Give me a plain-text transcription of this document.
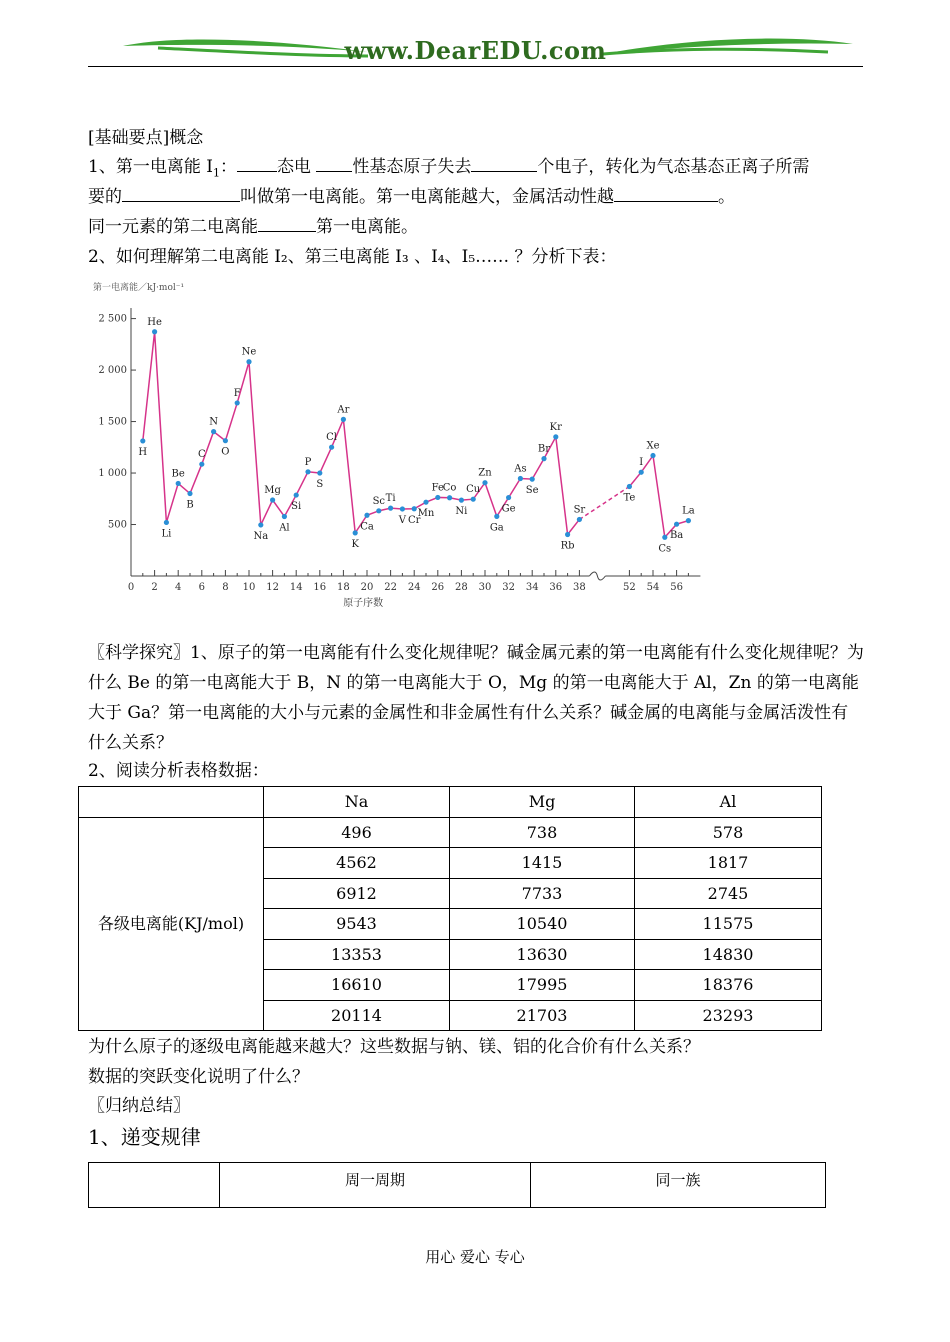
www.DearEDU.com
[基础要点]概念
1、第一电离能 $I_1$： 态电 性基态原子失去	个电子，转化为气态基态正离子所需
要的	叫做第一电离能。第一电离能越大，金属活动性越	。
同一元素的第二电离能	第一电离能。
2、如何理解第二电离能 I₂、第三电离能 I₃ 、I₄、I₅…… ？分析下表：
第一电离能／kJ·mol⁻¹
500
1 000
1 500
2 000
2 500
0 2 4 6 8 10 12 14 16 18 20 22 24 26 28 30 32 34 36 38	52 54 56
原子序数
H
He
Li
Be
B
C
N
O
F
Ne
Na
Mg
Al
Si
P
S
Cl
Ar
K
Ca
Sc Ti
V Cr
Mn
Fe
Co
Ni
Cu
Zn
Ga
Ge
As
Se
Br
Kr
Rb
Sr
Te
I
Xe
Cs
Ba
La
〖科学探究〗1、原子的第一电离能有什么变化规律呢？碱金属元素的第一电离能有什么变化规律呢？为什么 Be 的第一电离能大于 B，N 的第一电离能大于 O，Mg 的第一电离能大于 Al，Zn 的第一电离能大于 Ga？第一电离能的大小与元素的金属性和非金属性有什么关系？碱金属的电离能与金属活泼性有什么关系？
2、阅读分析表格数据：
	Na	Mg	Al
各级电离能(KJ/mol)	496	738	578
	4562	1415	1817
	6912	7733	2745
	9543	10540	11575
	13353	13630	14830
	16610	17995	18376
	20114	21703	23293
为什么原子的逐级电离能越来越大？这些数据与钠、镁、铝的化合价有什么关系？
数据的突跃变化说明了什么？
〖归纳总结〗
1、递变规律
	周一周期	同一族
用心 爱心 专心
